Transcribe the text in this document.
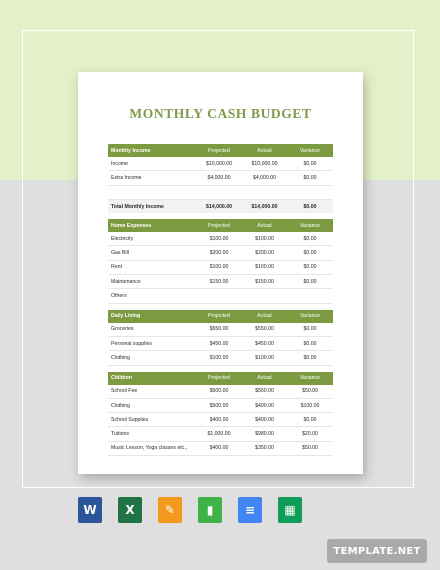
MONTHLY CASH BUDGET
Monthly Income	Projected	Actual	Variance
Income	$10,000.00	$10,000.00	$0.00
Extra Income	$4,000.00	$4,000.00	$0.00

Total Monthly Income	$14,000.00	$14,000.00	$0.00

Home Expenses	Projected	Actual	Variance
Electricity	$100.00	$100.00	$0.00
Gas Bill	$200.00	$200.00	$0.00
Rent	$100.00	$100.00	$0.00
Maintenance	$150.00	$150.00	$0.00
Others			

Daily Living	Projected	Actual	Variance
Groceries	$550.00	$550.00	$0.00
Personal supplies	$450.00	$450.00	$0.00
Clothing	$100.00	$100.00	$0.00

Children	Projected	Actual	Variance
School Fee	$600.00	$550.00	$50.00
Clothing	$500.00	$400.00	$100.00
School Supplies	$400.00	$400.00	$0.00
Tuitions	$1,000.00	$980.00	$20.00
Music Lesson, Yoga classes etc.,	$400.00	$350.00	$50.00
W	X	✎	▮	≡	▦
TEMPLATE.NET
